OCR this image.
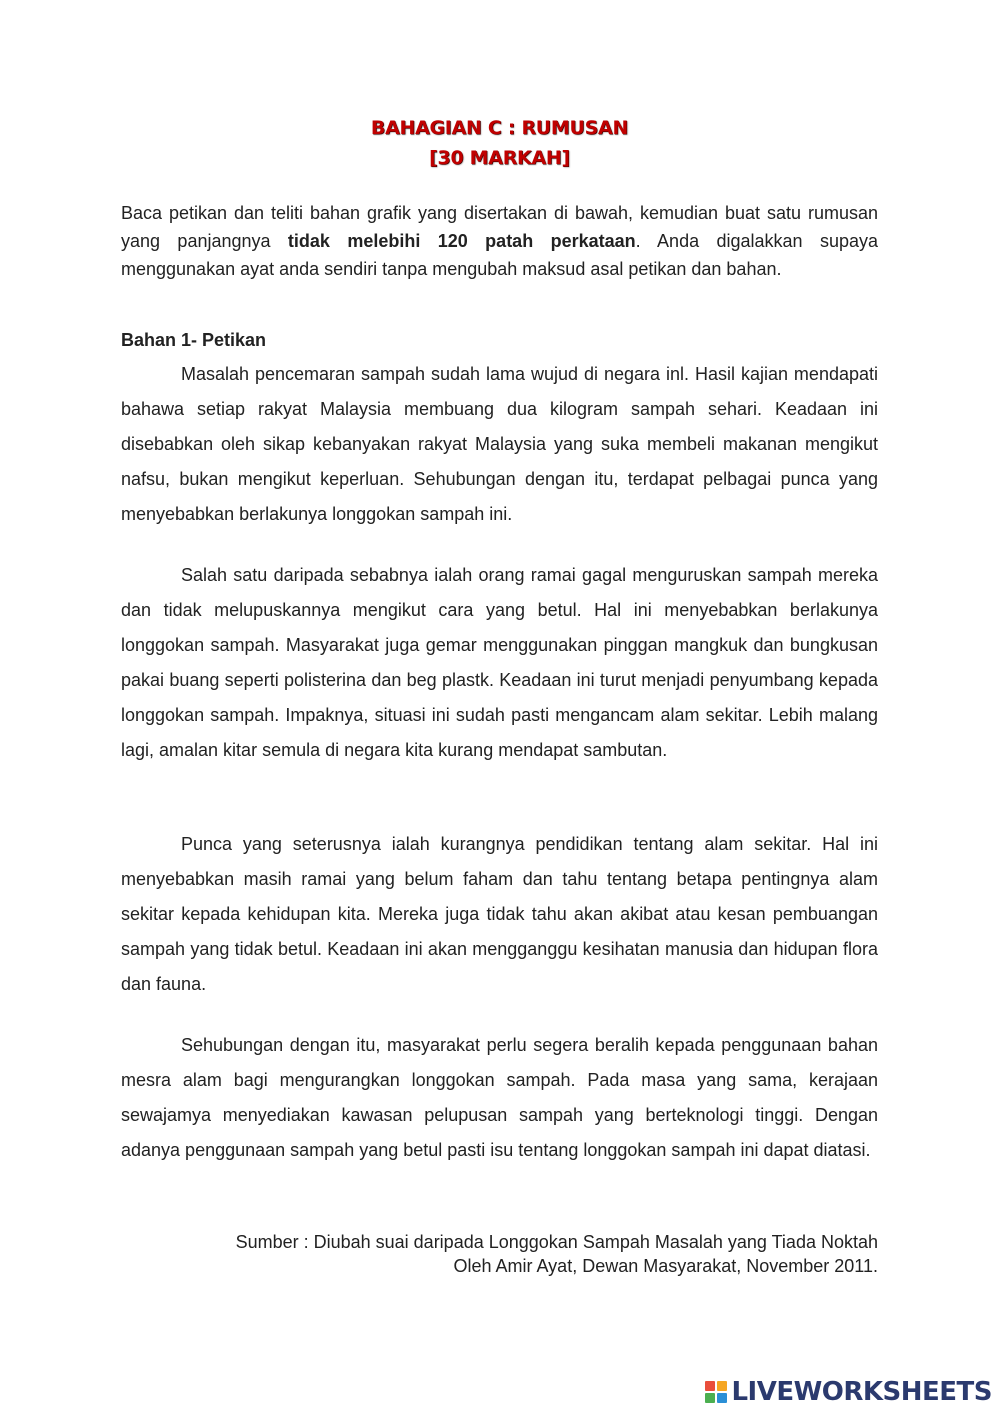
BAHAGIAN C : RUMUSAN
[30 MARKAH]

Baca petikan dan teliti bahan grafik yang disertakan di bawah, kemudian buat satu rumusan yang panjangnya tidak melebihi 120 patah perkataan. Anda digalakkan supaya menggunakan ayat anda sendiri tanpa mengubah maksud asal petikan dan bahan.

Bahan 1- Petikan

Masalah pencemaran sampah sudah lama wujud di negara inl. Hasil kajian mendapati bahawa setiap rakyat Malaysia membuang dua kilogram sampah sehari. Keadaan ini disebabkan oleh sikap kebanyakan rakyat Malaysia yang suka membeli makanan mengikut nafsu, bukan mengikut keperluan. Sehubungan dengan itu, terdapat pelbagai punca yang menyebabkan berlakunya longgokan sampah ini.

Salah satu daripada sebabnya ialah orang ramai gagal menguruskan sampah mereka dan tidak melupuskannya mengikut cara yang betul. Hal ini menyebabkan berlakunya longgokan sampah. Masyarakat juga gemar menggunakan pinggan mangkuk dan bungkusan pakai buang seperti polisterina dan beg plastk. Keadaan ini turut menjadi penyumbang kepada longgokan sampah. Impaknya, situasi ini sudah pasti mengancam alam sekitar. Lebih malang lagi, amalan kitar semula di negara kita kurang mendapat sambutan.

Punca yang seterusnya ialah kurangnya pendidikan tentang alam sekitar. Hal ini menyebabkan masih ramai yang belum faham dan tahu tentang betapa pentingnya alam sekitar kepada kehidupan kita. Mereka juga tidak tahu akan akibat atau kesan pembuangan sampah yang tidak betul. Keadaan ini akan mengganggu kesihatan manusia dan hidupan flora dan fauna.

Sehubungan dengan itu, masyarakat perlu segera beralih kepada penggunaan bahan mesra alam bagi mengurangkan longgokan sampah. Pada masa yang sama, kerajaan sewajamya menyediakan kawasan pelupusan sampah yang berteknologi tinggi. Dengan adanya penggunaan sampah yang betul pasti isu tentang longgokan sampah ini dapat diatasi.

Sumber : Diubah suai daripada Longgokan Sampah Masalah yang Tiada Noktah
Oleh Amir Ayat, Dewan Masyarakat, November 2011.
LIVEWORKSHEETS
